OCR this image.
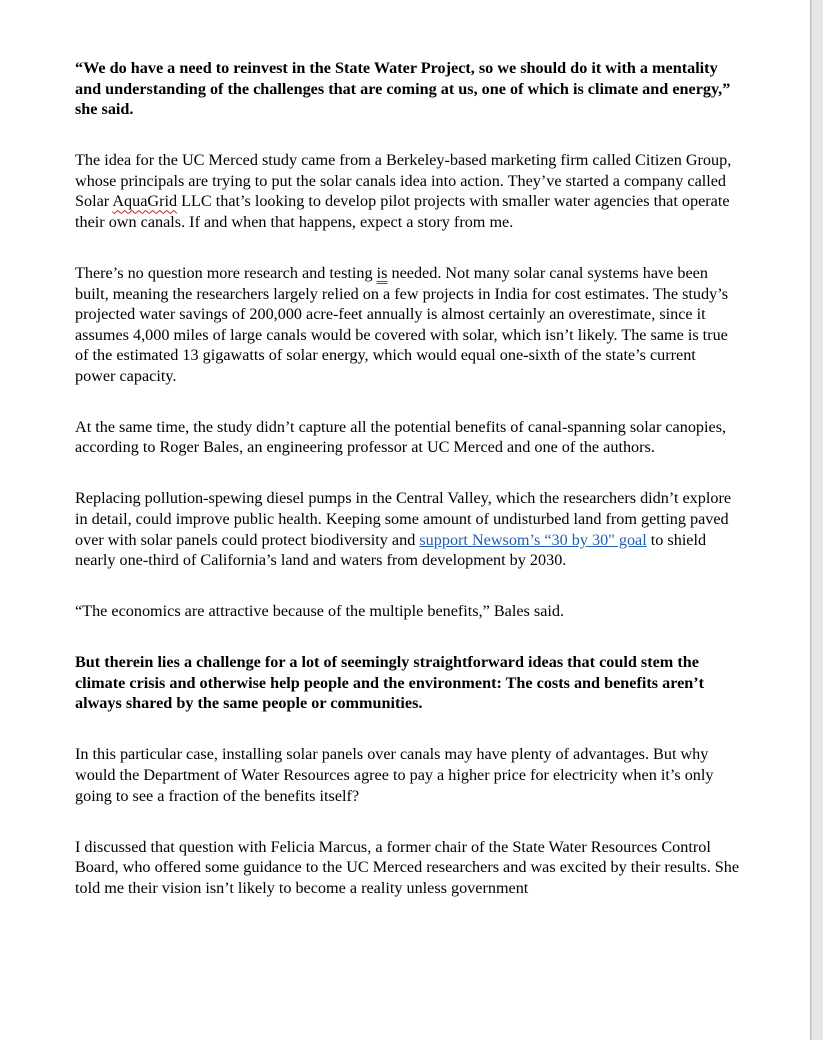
“We do have a need to reinvest in the State Water Project, so we should do it with a mentality and understanding of the challenges that are coming at us, one of which is climate and energy,” she said.

The idea for the UC Merced study came from a Berkeley-based marketing firm called Citizen Group, whose principals are trying to put the solar canals idea into action. They’ve started a company called Solar AquaGrid LLC that’s looking to develop pilot projects with smaller water agencies that operate their own canals. If and when that happens, expect a story from me.

There’s no question more research and testing is needed. Not many solar canal systems have been built, meaning the researchers largely relied on a few projects in India for cost estimates. The study’s projected water savings of 200,000 acre-feet annually is almost certainly an overestimate, since it assumes 4,000 miles of large canals would be covered with solar, which isn’t likely. The same is true of the estimated 13 gigawatts of solar energy, which would equal one-sixth of the state’s current power capacity.

At the same time, the study didn’t capture all the potential benefits of canal-spanning solar canopies, according to Roger Bales, an engineering professor at UC Merced and one of the authors.

Replacing pollution-spewing diesel pumps in the Central Valley, which the researchers didn’t explore in detail, could improve public health. Keeping some amount of undisturbed land from getting paved over with solar panels could protect biodiversity and support Newsom’s “30 by 30" goal to shield nearly one-third of California’s land and waters from development by 2030.

“The economics are attractive because of the multiple benefits,” Bales said.

But therein lies a challenge for a lot of seemingly straightforward ideas that could stem the climate crisis and otherwise help people and the environment: The costs and benefits aren’t always shared by the same people or communities.

In this particular case, installing solar panels over canals may have plenty of advantages. But why would the Department of Water Resources agree to pay a higher price for electricity when it’s only going to see a fraction of the benefits itself?

I discussed that question with Felicia Marcus, a former chair of the State Water Resources Control Board, who offered some guidance to the UC Merced researchers and was excited by their results. She told me their vision isn’t likely to become a reality unless government
